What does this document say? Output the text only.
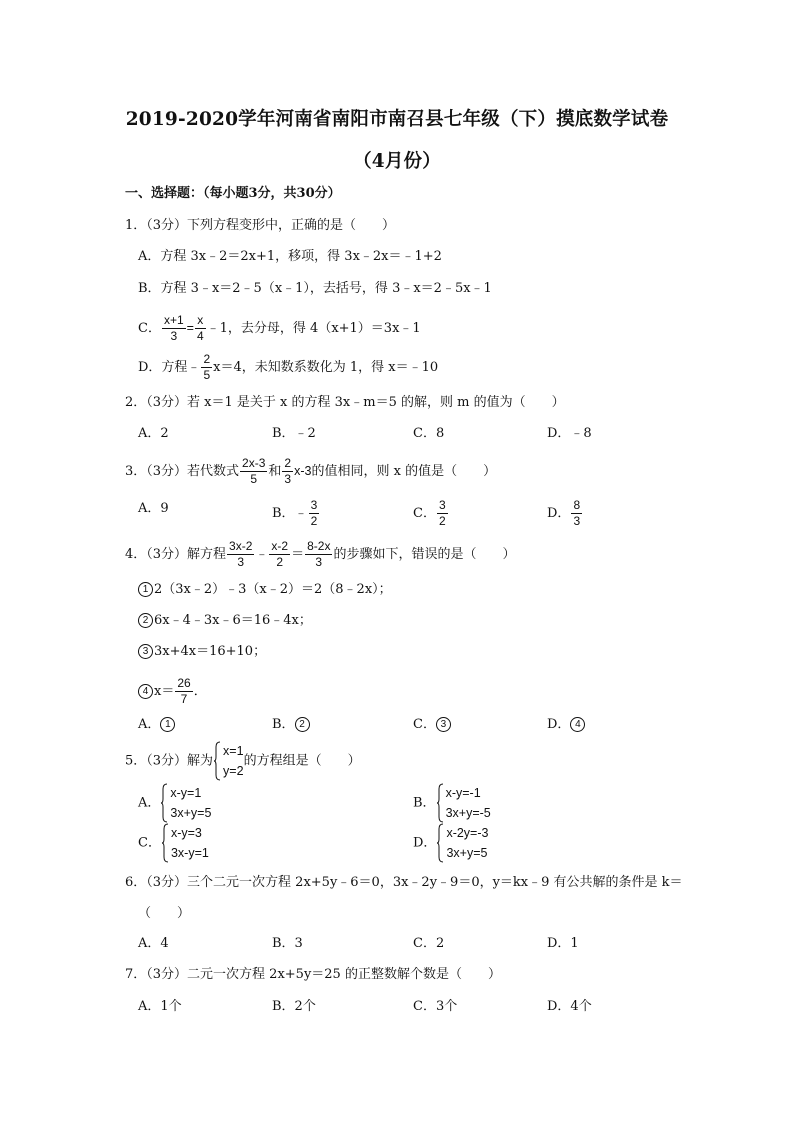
2019-2020学年河南省南阳市南召县七年级（下）摸底数学试卷
（4月份）
一、选择题：（每小题3分，共30分）
1．（3分）下列方程变形中，正确的是（　　）
A．方程 3x﹣2＝2x+1，移项，得 3x﹣2x＝﹣1+2
B．方程 3﹣x＝2﹣5（x﹣1），去括号，得 3﹣x＝2﹣5x﹣1
C． $\frac{x+1}{3} = \frac{x}{4}$ ﹣1，去分母，得 4（x+1）＝3x﹣1
D．方程﹣ $\frac{2}{5} x=4$，未知数系数化为 1，得 x＝﹣10
2．（3分）若 x＝1 是关于 x 的方程 3x﹣m＝5 的解，则 m 的值为（　　）
A．2	B．﹣2	C．8	D．﹣8
3．（3分）若代数式 $\frac{2x-3}{5}$ 和 $\frac{2}{3} x-3$的值相同，则 x 的值是（　　）
A．9	B．﹣ $\frac{3}{2}$	C． $\frac{3}{2}$	D． $\frac{8}{3}$
4．（3分）解方程 $\frac{3x-2}{3}$ ﹣ $\frac{x-2}{2} = \frac{8-2x}{3}$ 的步骤如下，错误的是（　　）
1 2（3x﹣2）﹣3（x﹣2）＝2（8﹣2x）；
2 6x﹣4﹣3x﹣6＝16﹣4x；
3 3x+4x＝16+10；
4 $x= \frac{26}{7}$ ．
A． 1	B． 2	C． 3	D． 4
5．（3分）解为
x=1
y=2
的方程组是（　　）
A．
x-y=1
3x+y=5
B．
x-y=-1
3x+y=-5
C．
x-y=3
3x-y=1
D．
x-2y=-3
3x+y=5
6．（3分）三个二元一次方程 2x+5y﹣6＝0，3x﹣2y﹣9＝0，y＝kx﹣9 有公共解的条件是 k＝
（　　）
A．4	B．3	C．2	D．1
7．（3分）二元一次方程 2x+5y＝25 的正整数解个数是（　　）
A．1个	B．2个	C．3个	D．4个
